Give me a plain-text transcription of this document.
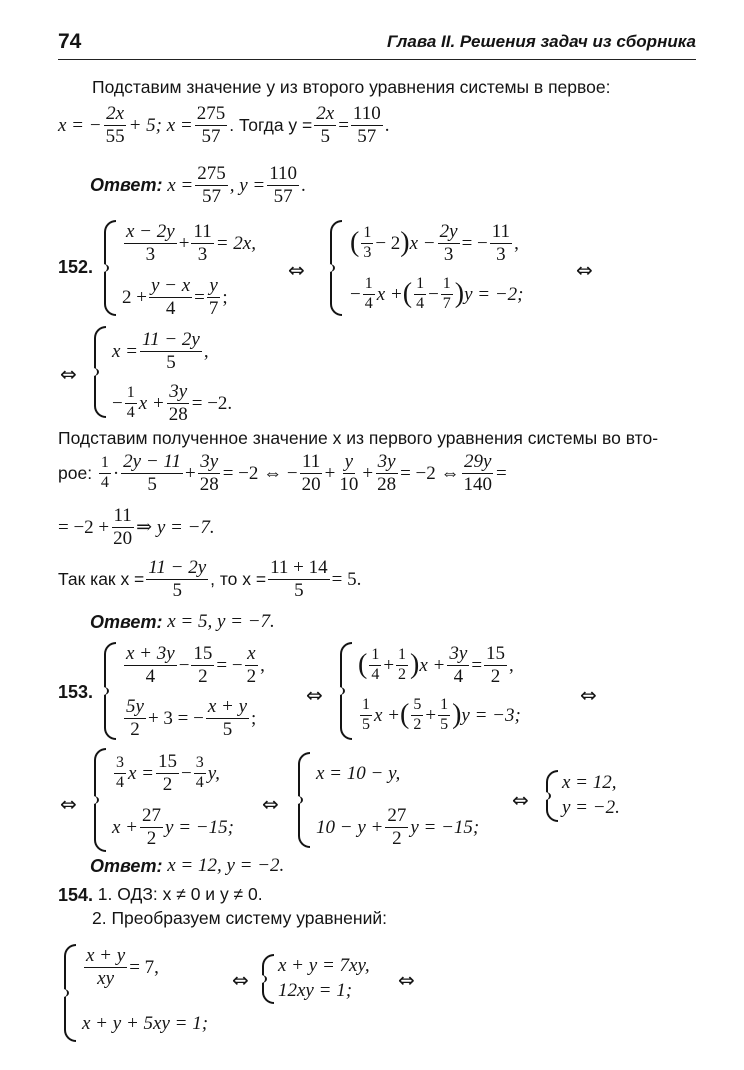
74	Глава II. Решения задач из сборника
Подставим значение y из второго уравнения системы в первое:
x = − $\frac{2x}{55} + 5$; $x = \frac{275}{57}$ . Тогда $y = \frac{2x}{5} = \frac{110}{57}$ .
Ответ:
$x = \frac{275}{57}$ , $y = \frac{110}{57}$ .
152.
x − 2y
3
+ $\frac{11}{3} = 2x$,
$2 + \frac{y - x}{4} = \frac{y}{7}$ ;
⇔
( 1
3 − 2 ) $x - \frac{2y}{3}$ = − $\frac{11}{3}$ ,
− $\frac{1}{4}$ x + ( 1
$4 - \frac{1}{7}$ ) y = −2;
⇔
⇔
$x = \frac{11 - 2y}{5}$ ,
− $\frac{1}{4}$ $x + \frac{3y}{28} = -2$.
Подставим полученное значение x из первого уравнения системы во вто-
рое:

1
4 ·
2y − 11
5
+ $\frac{3y}{28} = -2$ ⇔ − $\frac{11}{20} + \frac{y}{10} + \frac{3y}{28} = -2$ ⇔ $\frac{29y}{140}$ =
= $-2 + \frac{11}{20}$ ⇒ y = −7.
Так как $x = \frac{11 - 2y}{5}$ , то $x = \frac{11 + 14}{5} = 5$.
Ответ:
x = 5, y = −7.
153.
x + 3y
4
− $\frac{15}{2}$ = − $\frac{x}{2}$ ,
5y
2
+ 3 = − $\frac{x + y}{5}$ ;
⇔
( 1
$4 + \frac{1}{2}$ ) $x + \frac{3y}{4} = \frac{15}{2}$ ,
1
5 x + ( 5
$2 + \frac{1}{5}$ ) y = −3;
⇔
⇔
3
4 $x = \frac{15}{2} - \frac{3}{4} y$,
$x + \frac{27}{2}$ y = −15;
⇔
x = 10 − y,
$10 - y + \frac{27}{2}$ y = −15;
⇔
x = 12,
y = −2.
Ответ:
x = 12, y = −2.
154.
1. ОДЗ: x ≠ 0 и y ≠ 0.
2. Преобразуем систему уравнений:
$\frac{x + y}{xy} = 7$,
x + y + 5xy = 1;
⇔
x + y = 7xy,
12xy = 1; ⇔
